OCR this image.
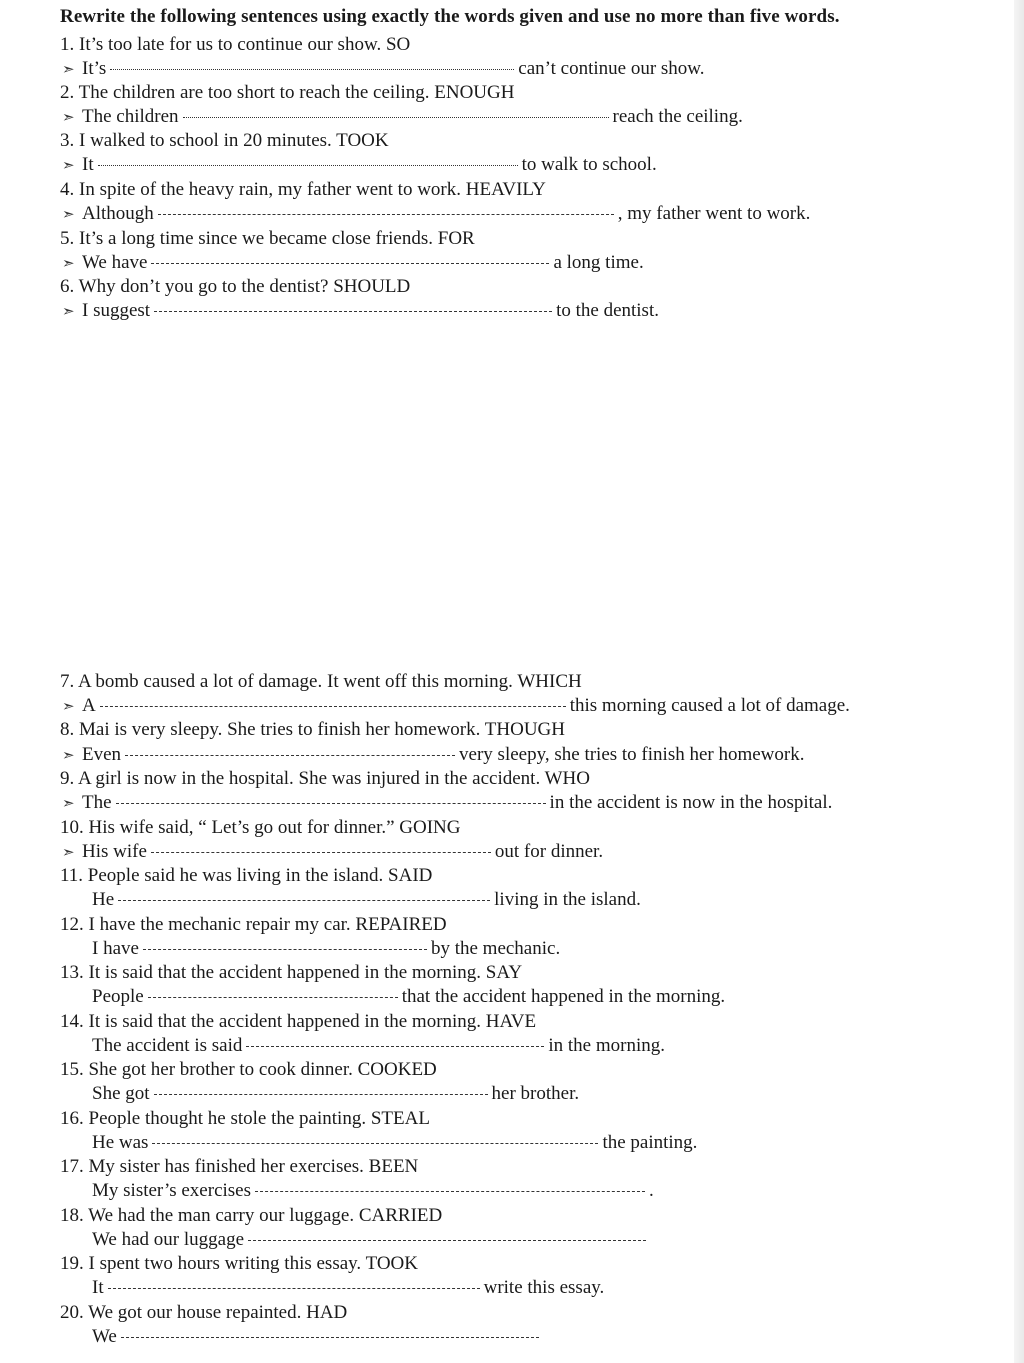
Rewrite the following sentences using exactly the words given and use no more than five words.
1. It’s too late for us to continue our show. SO
➣ It’s	can’t continue our show.
2. The children are too short to reach the ceiling. ENOUGH
➣ The children	reach the ceiling.
3. I walked to school in 20 minutes. TOOK
➣ It	to walk to school.
4. In spite of the heavy rain, my father went to work. HEAVILY
➣ Although	, my father went to work.
5. It’s a long time since we became close friends. FOR
➣ We have	a long time.
6. Why don’t you go to the dentist? SHOULD
➣ I suggest	to the dentist.
7. A bomb caused a lot of damage. It went off this morning. WHICH
➣ A	this morning caused a lot of damage.
8. Mai is very sleepy. She tries to finish her homework. THOUGH
➣ Even	very sleepy, she tries to finish her homework.
9. A girl is now in the hospital. She was injured in the accident. WHO
➣ The	in the accident is now in the hospital.
10. His wife said, “ Let’s go out for dinner.” GOING
➣ His wife	out for dinner.
11. People said he was living in the island. SAID
He	living in the island.
12. I have the mechanic repair my car. REPAIRED
I have	by the mechanic.
13. It is said that the accident happened in the morning. SAY
People	that the accident happened in the morning.
14. It is said that the accident happened in the morning. HAVE
The accident is said	in the morning.
15. She got her brother to cook dinner. COOKED
She got	her brother.
16. People thought he stole the painting. STEAL
He was	the painting.
17. My sister has finished her exercises. BEEN
My sister’s exercises	.
18. We had the man carry our luggage. CARRIED
We had our luggage
19. I spent two hours writing this essay. TOOK
It	write this essay.
20. We got our house repainted. HAD
We
